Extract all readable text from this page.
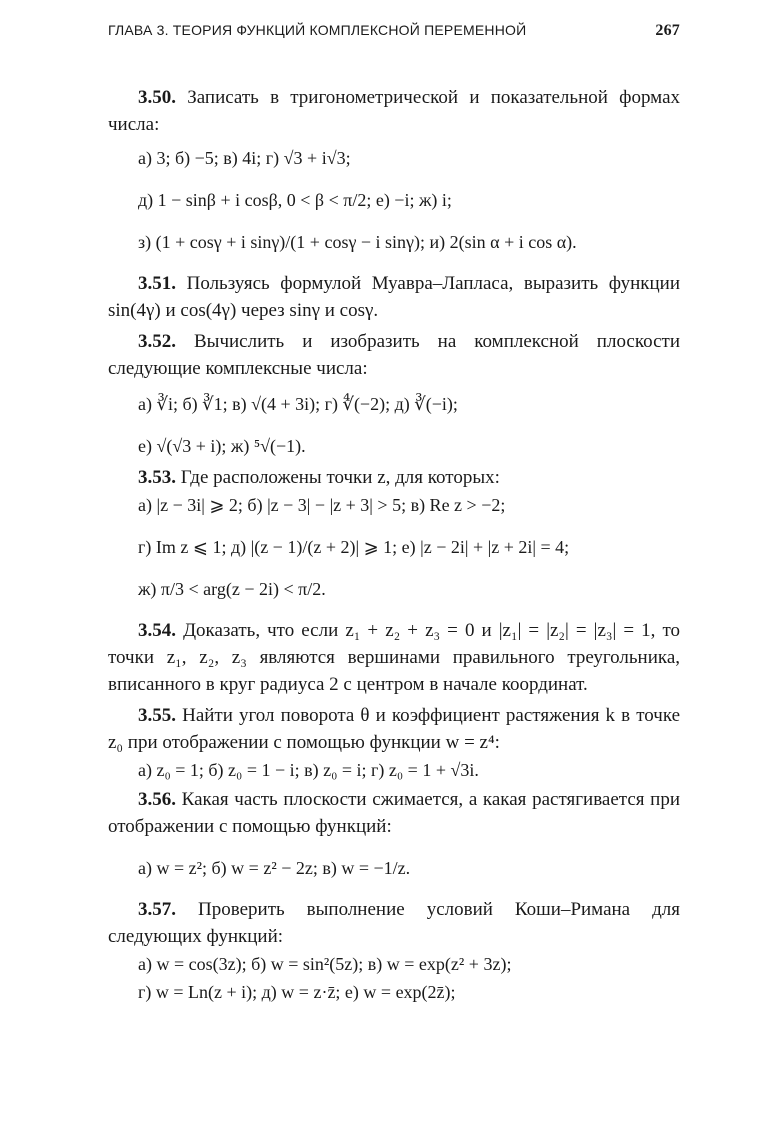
ГЛАВА 3. ТЕОРИЯ ФУНКЦИЙ КОМПЛЕКСНОЙ ПЕРЕМЕННОЙ	267

3.50. Записать в тригонометрической и показательной формах числа:

а) 3; б) −5; в) 4i; г) √3 + i√3;
д) 1 − sinβ + i cosβ, 0 < β < π/2; е) −i; ж) i;
з) (1 + cosγ + i sinγ)/(1 + cosγ − i sinγ); и) 2(sin α + i cos α).

3.51. Пользуясь формулой Муавра–Лапласа, выразить функции sin(4γ) и cos(4γ) через sinγ и cosγ.

3.52. Вычислить и изобразить на комплексной плоскости следующие комплексные числа:

а) ∛i; б) ∛1; в) √(4 + 3i); г) ∜(−2); д) ∛(−i);
е) √(√3 + i); ж) ⁵√(−1).

3.53. Где расположены точки z, для которых:

а) |z − 3i| ⩾ 2; б) |z − 3| − |z + 3| > 5; в) Re z > −2;
г) Im z ⩽ 1; д) |(z − 1)/(z + 2)| ⩾ 1; е) |z − 2i| + |z + 2i| = 4;
ж) π/3 < arg(z − 2i) < π/2.

3.54. Доказать, что если z₁ + z₂ + z₃ = 0 и |z₁| = |z₂| = |z₃| = 1, то точки z₁, z₂, z₃ являются вершинами правильного треугольника, вписанного в круг радиуса 2 с центром в начале координат.

3.55. Найти угол поворота θ и коэффициент растяжения k в точке z₀ при отображении с помощью функции w = z⁴:

а) z₀ = 1; б) z₀ = 1 − i; в) z₀ = i; г) z₀ = 1 + √3i.

3.56. Какая часть плоскости сжимается, а какая растягивается при отображении с помощью функций:

а) w = z²; б) w = z² − 2z; в) w = −1/z.

3.57. Проверить выполнение условий Коши–Римана для следующих функций:

а) w = cos(3z); б) w = sin²(5z); в) w = exp(z² + 3z);
г) w = Ln(z + i); д) w = z·z̄; е) w = exp(2z̄);
